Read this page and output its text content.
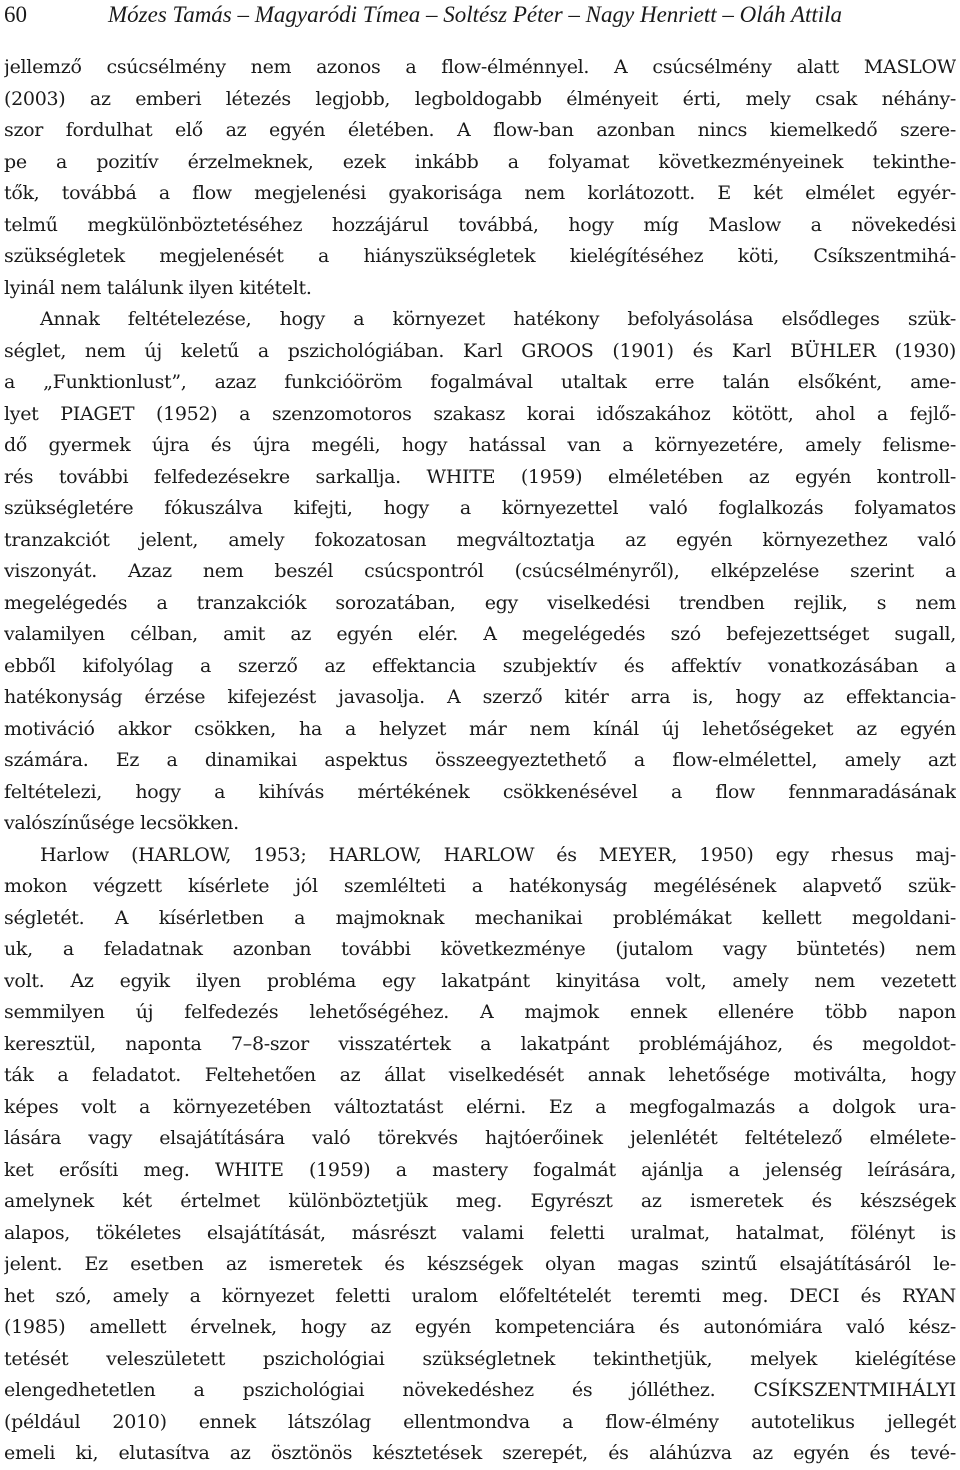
60	Mózes Tamás – Magyaródi Tímea – Soltész Péter – Nagy Henriett – Oláh Attila
jellemző csúcsélmény nem azonos a flow-élménnyel. A csúcsélmény alatt MASLOW
(2003) az emberi létezés legjobb, legboldogabb élményeit érti, mely csak néhány-
szor fordulhat elő az egyén életében. A flow-ban azonban nincs kiemelkedő szere-
pe a pozitív érzelmeknek, ezek inkább a folyamat következményeinek tekinthe-
tők, továbbá a flow megjelenési gyakorisága nem korlátozott. E két elmélet egyér-
telmű megkülönböztetéséhez hozzájárul továbbá, hogy míg Maslow a növekedési
szükségletek megjelenését a hiányszükségletek kielégítéséhez köti, Csíkszentmihá-
lyinál nem találunk ilyen kitételt.
Annak feltételezése, hogy a környezet hatékony befolyásolása elsődleges szük-
séglet, nem új keletű a pszichológiában. Karl GROOS (1901) és Karl BÜHLER (1930)
a „Funktionlust”, azaz funkcióöröm fogalmával utaltak erre talán elsőként, ame-
lyet PIAGET (1952) a szenzomotoros szakasz korai időszakához kötött, ahol a fejlő-
dő gyermek újra és újra megéli, hogy hatással van a környezetére, amely felisme-
rés további felfedezésekre sarkallja. WHITE (1959) elméletében az egyén kontroll-
szükségletére fókuszálva kifejti, hogy a környezettel való foglalkozás folyamatos
tranzakciót jelent, amely fokozatosan megváltoztatja az egyén környezethez való
viszonyát. Azaz nem beszél csúcspontról (csúcsélményről), elképzelése szerint a
megelégedés a tranzakciók sorozatában, egy viselkedési trendben rejlik, s nem
valamilyen célban, amit az egyén elér. A megelégedés szó befejezettséget sugall,
ebből kifolyólag a szerző az effektancia szubjektív és affektív vonatkozásában a
hatékonyság érzése kifejezést javasolja. A szerző kitér arra is, hogy az effektancia-
motiváció akkor csökken, ha a helyzet már nem kínál új lehetőségeket az egyén
számára. Ez a dinamikai aspektus összeegyeztethető a flow-elmélettel, amely azt
feltételezi, hogy a kihívás mértékének csökkenésével a flow fennmaradásának
valószínűsége lecsökken.
Harlow (HARLOW, 1953; HARLOW, HARLOW és MEYER, 1950) egy rhesus maj-
mokon végzett kísérlete jól szemlélteti a hatékonyság megélésének alapvető szük-
ségletét. A kísérletben a majmoknak mechanikai problémákat kellett megoldani-
uk, a feladatnak azonban további következménye (jutalom vagy büntetés) nem
volt. Az egyik ilyen probléma egy lakatpánt kinyitása volt, amely nem vezetett
semmilyen új felfedezés lehetőségéhez. A majmok ennek ellenére több napon
keresztül, naponta 7–8-szor visszatértek a lakatpánt problémájához, és megoldot-
ták a feladatot. Feltehetően az állat viselkedését annak lehetősége motiválta, hogy
képes volt a környezetében változtatást elérni. Ez a megfogalmazás a dolgok ura-
lására vagy elsajátítására való törekvés hajtóerőinek jelenlétét feltételező elmélete-
ket erősíti meg. WHITE (1959) a mastery fogalmát ajánlja a jelenség leírására,
amelynek két értelmet különböztetjük meg. Egyrészt az ismeretek és készségek
alapos, tökéletes elsajátítását, másrészt valami feletti uralmat, hatalmat, fölényt is
jelent. Ez esetben az ismeretek és készségek olyan magas szintű elsajátításáról le-
het szó, amely a környezet feletti uralom előfeltételét teremti meg. DECI és RYAN
(1985) amellett érvelnek, hogy az egyén kompetenciára és autonómiára való kész-
tetését veleszületett pszichológiai szükségletnek tekinthetjük, melyek kielégítése
elengedhetetlen a pszichológiai növekedéshez és jólléthez. CSÍKSZENTMIHÁLYI
(például 2010) ennek látszólag ellentmondva a flow-élmény autotelikus jellegét
emeli ki, elutasítva az ösztönös késztetések szerepét, és aláhúzva az egyén és tevé-
